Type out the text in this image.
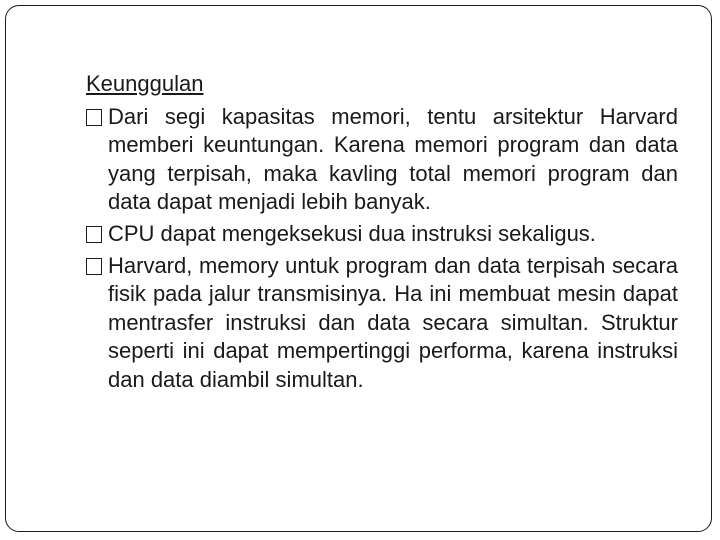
Keunggulan
Dari segi kapasitas memori, tentu arsitektur Harvard memberi keuntungan. Karena memori program dan data yang terpisah, maka kavling total memori program dan data dapat menjadi lebih banyak.
CPU dapat mengeksekusi dua instruksi sekaligus.
Harvard, memory untuk program dan data terpisah secara fisik pada jalur transmisinya. Ha ini membuat mesin dapat mentrasfer instruksi dan data secara simultan. Struktur seperti ini dapat mempertinggi performa, karena instruksi dan data diambil simultan.
